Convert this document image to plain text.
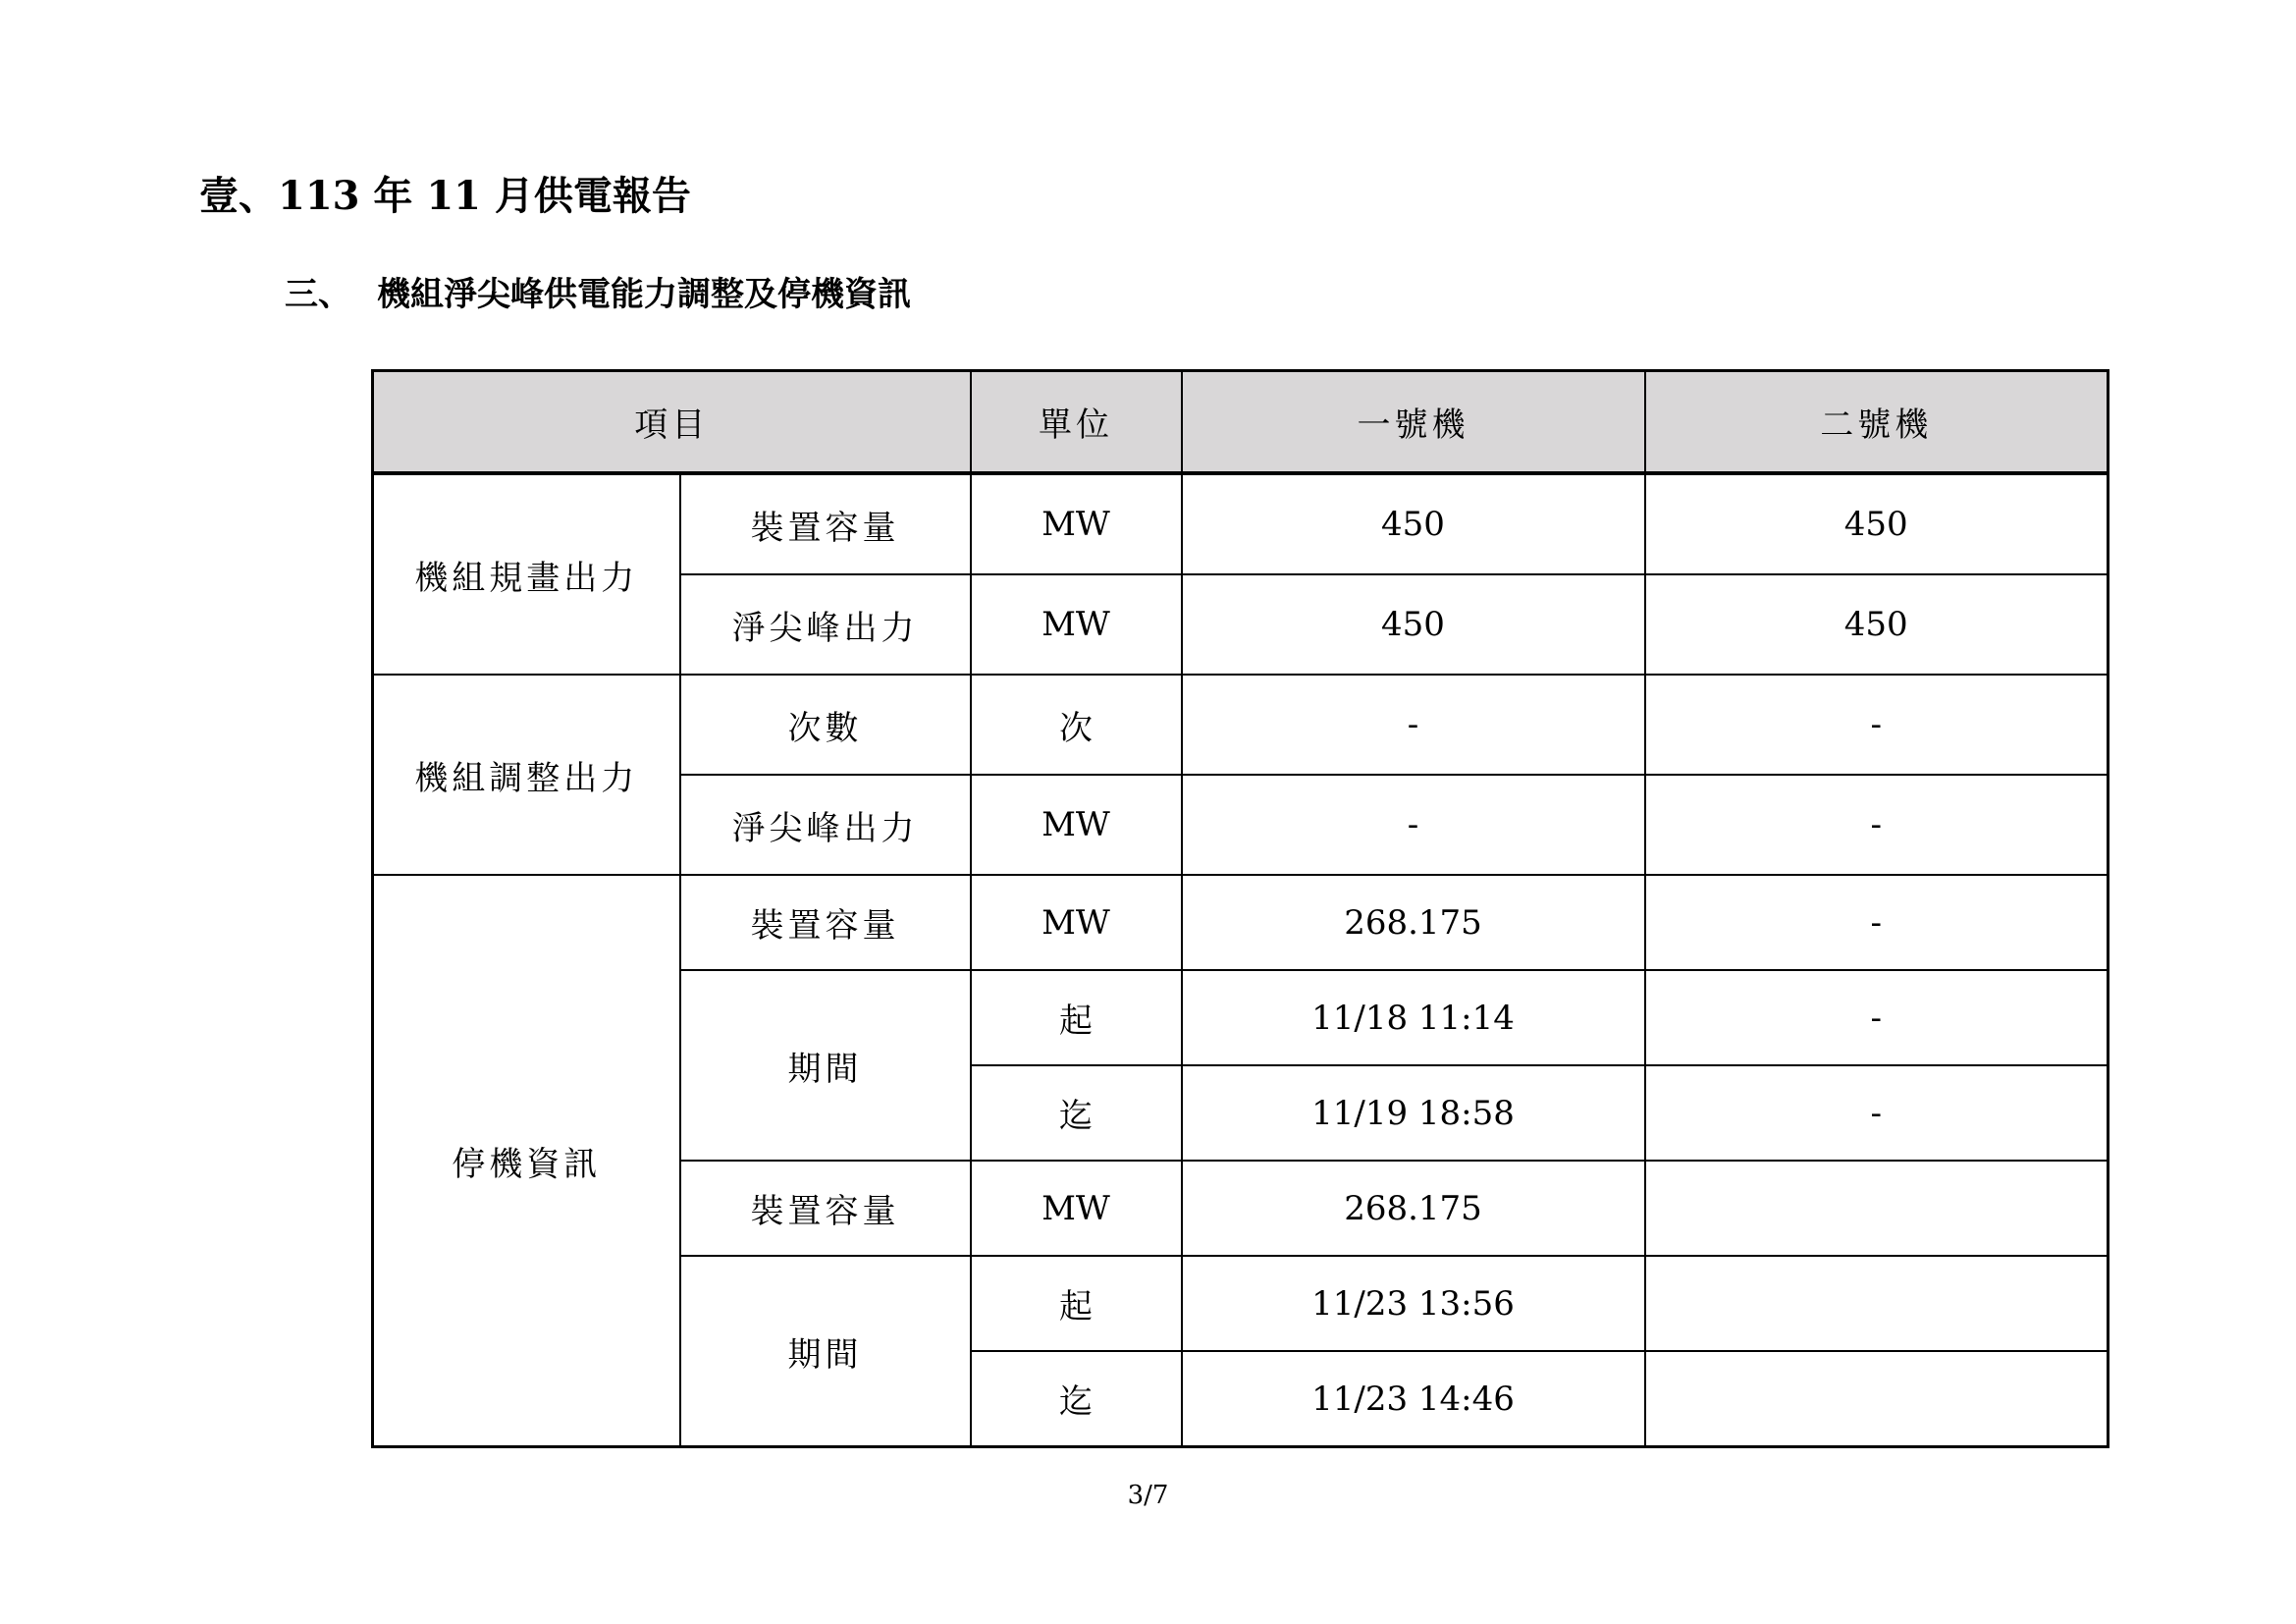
壹、113 年 11 月供電報告
三、 機組淨尖峰供電能力調整及停機資訊
項目		單位	一號機	二號機
機組規畫出力	裝置容量	MW	450	450
	淨尖峰出力	MW	450	450
機組調整出力	次數	次	-	-
	淨尖峰出力	MW	-	-
停機資訊	裝置容量	MW	268.175	-
	期間	起	11/18 11:14	-
		迄	11/19 18:58	-
	裝置容量	MW	268.175	
	期間	起	11/23 13:56	
		迄	11/23 14:46	
3/7
